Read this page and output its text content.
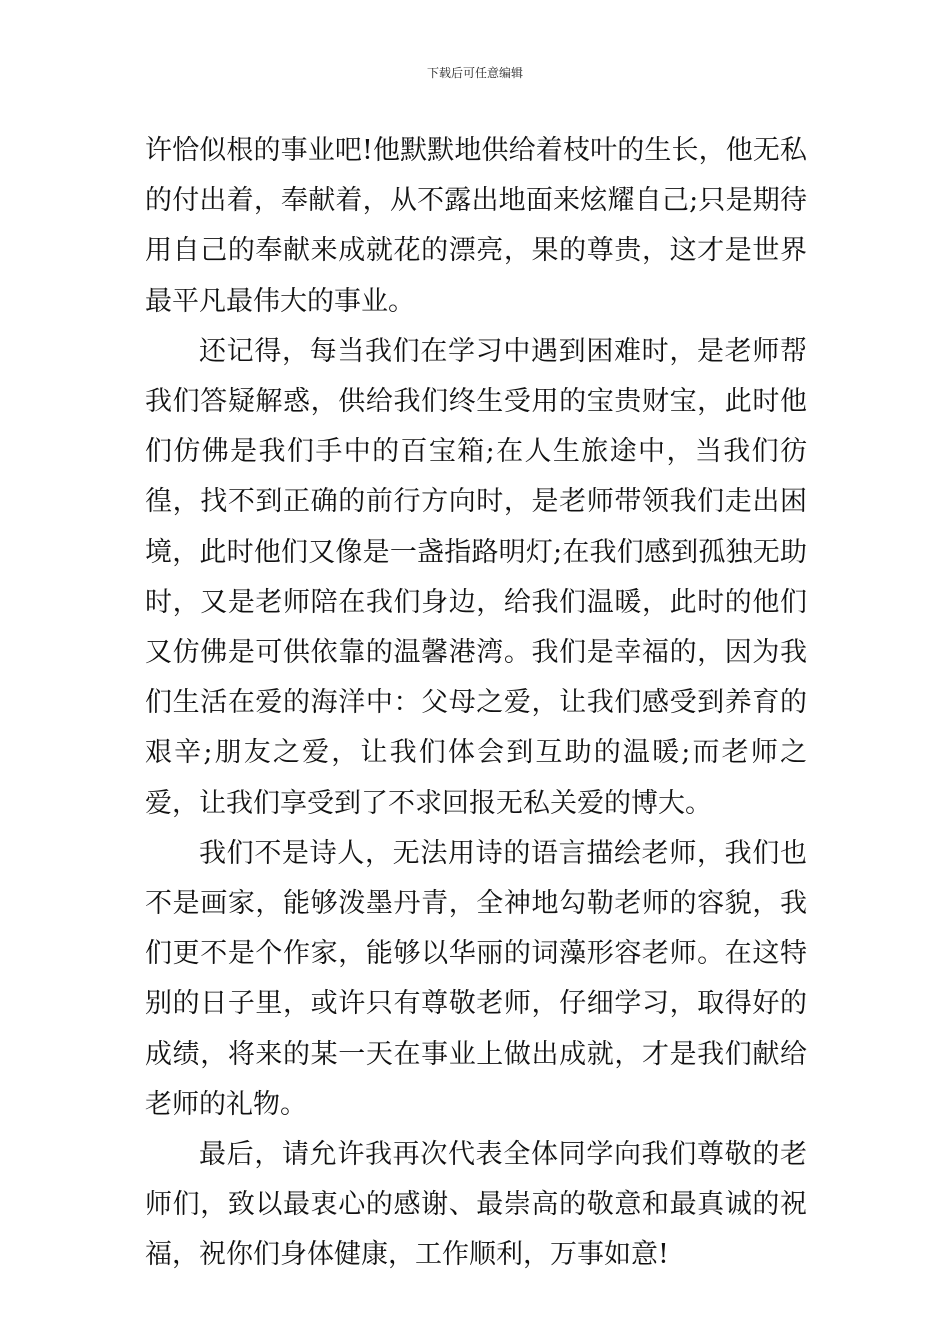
下载后可任意编辑

许恰似根的事业吧!他默默地供给着枝叶的生长，他无私的付出着，奉献着，从不露出地面来炫耀自己;只是期待用自己的奉献来成就花的漂亮，果的尊贵，这才是世界最平凡最伟大的事业。

还记得，每当我们在学习中遇到困难时，是老师帮我们答疑解惑，供给我们终生受用的宝贵财宝，此时他们仿佛是我们手中的百宝箱;在人生旅途中，当我们彷徨，找不到正确的前行方向时，是老师带领我们走出困境，此时他们又像是一盏指路明灯;在我们感到孤独无助时，又是老师陪在我们身边，给我们温暖，此时的他们又仿佛是可供依靠的温馨港湾。我们是幸福的，因为我们生活在爱的海洋中：父母之爱，让我们感受到养育的艰辛;朋友之爱，让我们体会到互助的温暖;而老师之爱，让我们享受到了不求回报无私关爱的博大。

我们不是诗人，无法用诗的语言描绘老师，我们也不是画家，能够泼墨丹青，全神地勾勒老师的容貌，我们更不是个作家，能够以华丽的词藻形容老师。在这特别的日子里，或许只有尊敬老师，仔细学习，取得好的成绩，将来的某一天在事业上做出成就，才是我们献给老师的礼物。

最后，请允许我再次代表全体同学向我们尊敬的老师们，致以最衷心的感谢、最崇高的敬意和最真诚的祝福，祝你们身体健康，工作顺利，万事如意!
